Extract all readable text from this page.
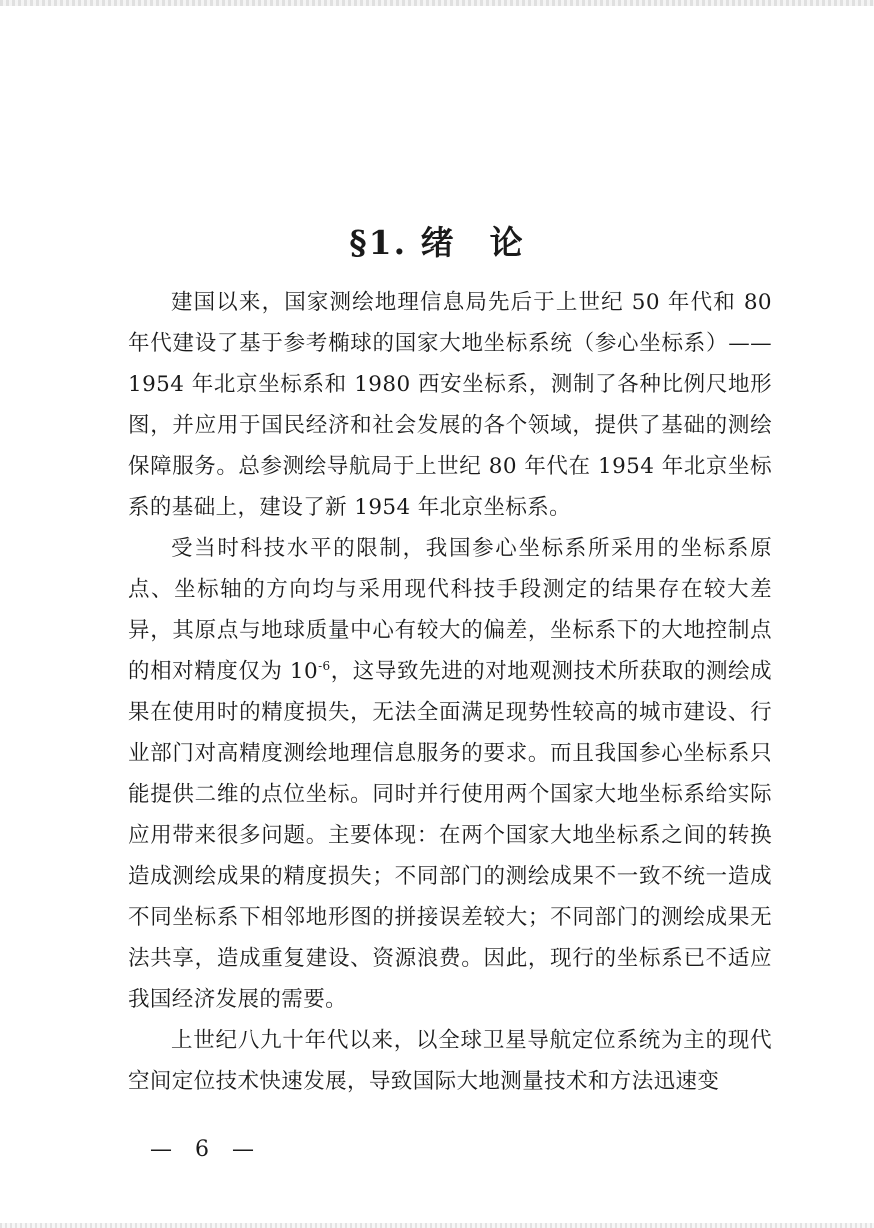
§1. 绪 论

建国以来，国家测绘地理信息局先后于上世纪 50 年代和 80 年代建设了基于参考椭球的国家大地坐标系统（参心坐标系）——1954 年北京坐标系和 1980 西安坐标系，测制了各种比例尺地形图，并应用于国民经济和社会发展的各个领域，提供了基础的测绘保障服务。总参测绘导航局于上世纪 80 年代在 1954 年北京坐标系的基础上，建设了新 1954 年北京坐标系。

受当时科技水平的限制，我国参心坐标系所采用的坐标系原点、坐标轴的方向均与采用现代科技手段测定的结果存在较大差异，其原点与地球质量中心有较大的偏差，坐标系下的大地控制点的相对精度仅为 $10^{-6}$，这导致先进的对地观测技术所获取的测绘成果在使用时的精度损失，无法全面满足现势性较高的城市建设、行业部门对高精度测绘地理信息服务的要求。而且我国参心坐标系只能提供二维的点位坐标。同时并行使用两个国家大地坐标系给实际应用带来很多问题。主要体现：在两个国家大地坐标系之间的转换造成测绘成果的精度损失；不同部门的测绘成果不一致不统一造成不同坐标系下相邻地形图的拼接误差较大；不同部门的测绘成果无法共享，造成重复建设、资源浪费。因此，现行的坐标系已不适应我国经济发展的需要。

上世纪八九十年代以来，以全球卫星导航定位系统为主的现代空间定位技术快速发展，导致国际大地测量技术和方法迅速变

— 6 —
